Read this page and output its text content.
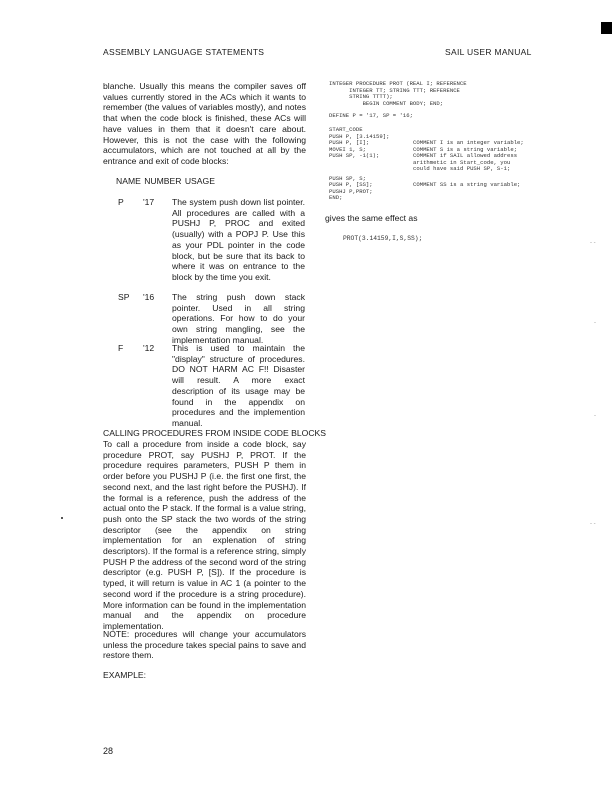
ASSEMBLY LANGUAGE STATEMENTS	SAIL USER MANUAL
blanche. Usually this means the compiler saves off values currently stored in the ACs which it wants to remember (the values of variables mostly), and notes that when the code block is finished, these ACs will have values in them that it doesn't care about. However, this is not the case with the following accumulators, which are not touched at all by the entrance and exit of code blocks:
NAME NUMBER USAGE
P '17 The system push down list pointer. All procedures are called with a PUSHJ P, PROC and exited (usually) with a POPJ P. Use this as your PDL pointer in the code block, but be sure that its back to where it was on entrance to the block by the time you exit.
SP '16 The string push down stack pointer. Used in all string operations. For how to do your own string mangling, see the implementation manual.
F '12 This is used to maintain the "display" structure of procedures. DO NOT HARM AC F!! Disaster will result. A more exact description of its usage may be found in the appendix on procedures and the implemention manual.
CALLING PROCEDURES FROM INSIDE CODE BLOCKS
To call a procedure from inside a code block, say procedure PROT, say PUSHJ P, PROT. If the procedure requires parameters, PUSH P them in order before you PUSHJ P (i.e. the first one first, the second next, and the last right before the PUSHJ). If the formal is a reference, push the address of the actual onto the P stack. If the formal is a value string, push onto the SP stack the two words of the string descriptor (see the appendix on string implementation for an explenation of string descriptors). If the formal is a reference string, simply PUSH P the address of the second word of the string descriptor (e.g. PUSH P, [S]). If the procedure is typed, it will return is value in AC 1 (a pointer to the second word if the procedure is a string procedure). More information can be found in the implementation manual and the appendix on procedure implementation.
NOTE: procedures will change your accumulators unless the procedure takes special pains to save and restore them.
EXAMPLE:
28
INTEGER PROCEDURE PROT (REAL I; REFERENCE
INTEGER TT; STRING TTT; REFERENCE
STRING TTTT);
BEGIN COMMENT BODY; END;
DEFINE P = '17, SP = '16;
START_CODE
PUSH P, [3.14159];
PUSH P, [I];	COMMENT I is an integer variable;
MOVEI 1, S;	COMMENT S is a string variable;
PUSH SP, -1(1);	COMMENT if SAIL allowed address
arithmetic in Start_code, you
could have said PUSH SP, S-1;
PUSH SP, S;
PUSH P, [SS];	COMMENT SS is a string variable;
PUSHJ P,PROT;
END;
gives the same effect as
PROT(3.14159,I,S,SS);
- -
-
-
- -
